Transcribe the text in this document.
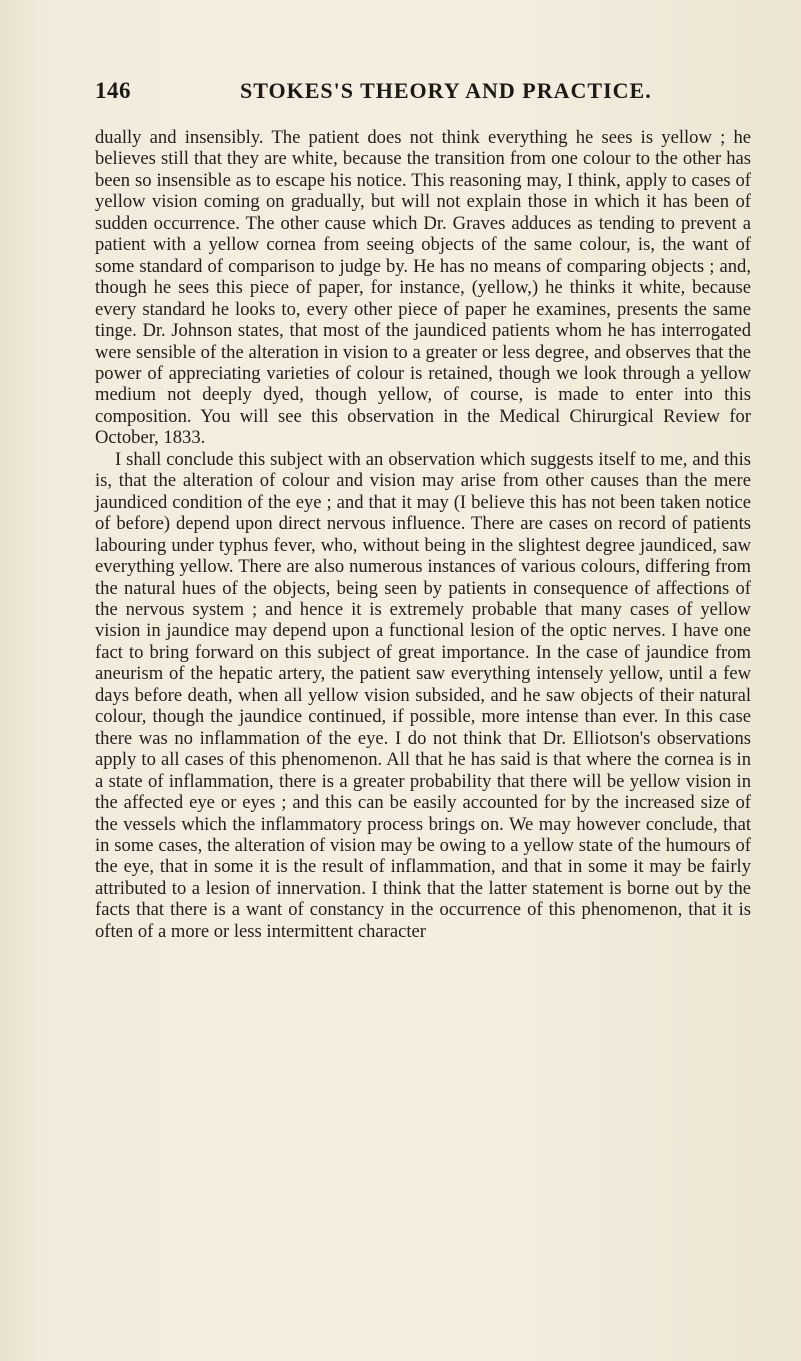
146	STOKES'S THEORY AND PRACTICE.

dually and insensibly. The patient does not think everything he sees is yellow ; he believes still that they are white, because the transition from one colour to the other has been so insensible as to escape his notice. This reasoning may, I think, apply to cases of yellow vision coming on gradually, but will not explain those in which it has been of sudden occurrence. The other cause which Dr. Graves adduces as tending to prevent a patient with a yellow cornea from seeing objects of the same colour, is, the want of some standard of comparison to judge by. He has no means of comparing objects ; and, though he sees this piece of paper, for instance, (yellow,) he thinks it white, because every standard he looks to, every other piece of paper he examines, presents the same tinge. Dr. Johnson states, that most of the jaundiced patients whom he has interrogated were sensible of the alteration in vision to a greater or less degree, and observes that the power of appreciating varieties of colour is retained, though we look through a yellow medium not deeply dyed, though yellow, of course, is made to enter into this composition. You will see this observation in the Medical Chirurgical Review for October, 1833.

I shall conclude this subject with an observation which suggests itself to me, and this is, that the alteration of colour and vision may arise from other causes than the mere jaundiced condition of the eye ; and that it may (I believe this has not been taken notice of before) depend upon direct nervous influence. There are cases on record of patients labouring under typhus fever, who, without being in the slightest degree jaundiced, saw everything yellow. There are also numerous instances of various colours, differing from the natural hues of the objects, being seen by patients in consequence of affections of the nervous system ; and hence it is extremely probable that many cases of yellow vision in jaundice may depend upon a functional lesion of the optic nerves. I have one fact to bring forward on this subject of great importance. In the case of jaundice from aneurism of the hepatic artery, the patient saw everything intensely yellow, until a few days before death, when all yellow vision subsided, and he saw objects of their natural colour, though the jaundice continued, if possible, more intense than ever. In this case there was no inflammation of the eye. I do not think that Dr. Elliotson's observations apply to all cases of this phenomenon. All that he has said is that where the cornea is in a state of inflammation, there is a greater probability that there will be yellow vision in the affected eye or eyes ; and this can be easily accounted for by the increased size of the vessels which the inflammatory process brings on. We may however conclude, that in some cases, the alteration of vision may be owing to a yellow state of the humours of the eye, that in some it is the result of inflammation, and that in some it may be fairly attributed to a lesion of innervation. I think that the latter statement is borne out by the facts that there is a want of constancy in the occurrence of this phenomenon, that it is often of a more or less intermittent character
